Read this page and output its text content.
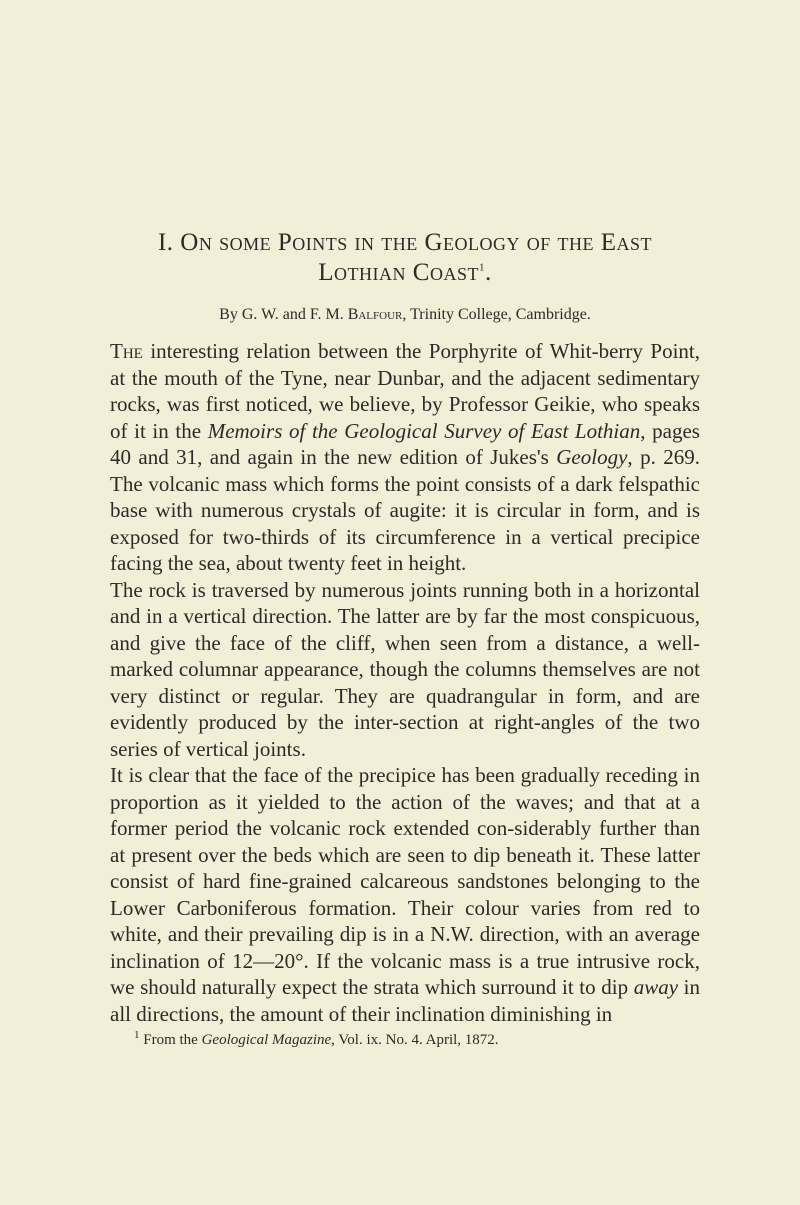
I. On some Points in the Geology of the East
Lothian Coast$^1$.
By G. W. and F. M. Balfour, Trinity College, Cambridge.

The interesting relation between the Porphyrite of Whit-berry Point, at the mouth of the Tyne, near Dunbar, and the adjacent sedimentary rocks, was first noticed, we believe, by Professor Geikie, who speaks of it in the Memoirs of the Geological Survey of East Lothian, pages 40 and 31, and again in the new edition of Jukes's Geology, p. 269. The volcanic mass which forms the point consists of a dark felspathic base with numerous crystals of augite: it is circular in form, and is exposed for two-thirds of its circumference in a vertical precipice facing the sea, about twenty feet in height.

The rock is traversed by numerous joints running both in a horizontal and in a vertical direction. The latter are by far the most conspicuous, and give the face of the cliff, when seen from a distance, a well-marked columnar appearance, though the columns themselves are not very distinct or regular. They are quadrangular in form, and are evidently produced by the inter-section at right-angles of the two series of vertical joints.

It is clear that the face of the precipice has been gradually receding in proportion as it yielded to the action of the waves; and that at a former period the volcanic rock extended con-siderably further than at present over the beds which are seen to dip beneath it. These latter consist of hard fine-grained calcareous sandstones belonging to the Lower Carboniferous formation. Their colour varies from red to white, and their prevailing dip is in a N.W. direction, with an average inclination of 12—20°. If the volcanic mass is a true intrusive rock, we should naturally expect the strata which surround it to dip away in all directions, the amount of their inclination diminishing in

$^1$ From the Geological Magazine, Vol. ix. No. 4. April, 1872.
